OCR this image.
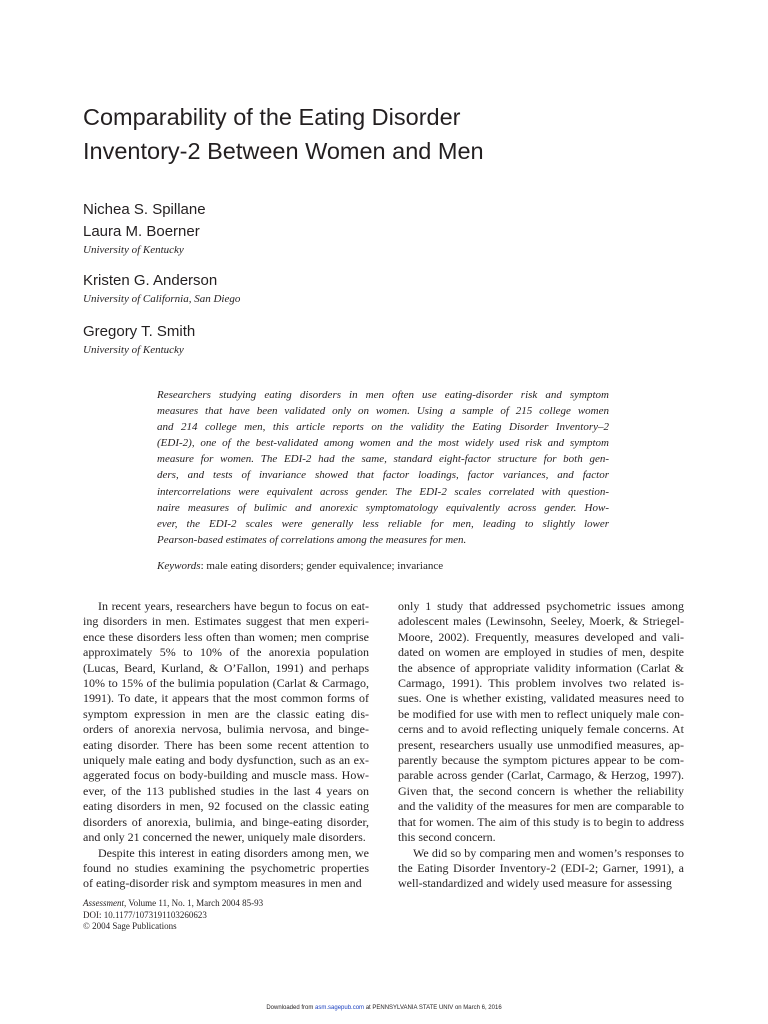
Comparability of the Eating Disorder
Inventory-2 Between Women and Men
Nichea S. Spillane
Laura M. Boerner
University of Kentucky
Kristen G. Anderson
University of California, San Diego
Gregory T. Smith
University of Kentucky
Researchers studying eating disorders in men often use eating-disorder risk and symptom
measures that have been validated only on women. Using a sample of 215 college women
and 214 college men, this article reports on the validity the Eating Disorder Inventory–2
(EDI-2), one of the best-validated among women and the most widely used risk and symptom
measure for women. The EDI-2 had the same, standard eight-factor structure for both gen-
ders, and tests of invariance showed that factor loadings, factor variances, and factor
intercorrelations were equivalent across gender. The EDI-2 scales correlated with question-
naire measures of bulimic and anorexic symptomatology equivalently across gender. How-
ever, the EDI-2 scales were generally less reliable for men, leading to slightly lower
Pearson-based estimates of correlations among the measures for men.
Keywords: male eating disorders; gender equivalence; invariance
In recent years, researchers have begun to focus on eat-
ing disorders in men. Estimates suggest that men experi-
ence these disorders less often than women; men comprise
approximately 5% to 10% of the anorexia population
(Lucas, Beard, Kurland, & O’Fallon, 1991) and perhaps
10% to 15% of the bulimia population (Carlat & Carmago,
1991). To date, it appears that the most common forms of
symptom expression in men are the classic eating dis-
orders of anorexia nervosa, bulimia nervosa, and binge-
eating disorder. There has been some recent attention to
uniquely male eating and body dysfunction, such as an ex-
aggerated focus on body-building and muscle mass. How-
ever, of the 113 published studies in the last 4 years on
eating disorders in men, 92 focused on the classic eating
disorders of anorexia, bulimia, and binge-eating disorder,
and only 21 concerned the newer, uniquely male disorders.
Despite this interest in eating disorders among men, we
found no studies examining the psychometric properties
of eating-disorder risk and symptom measures in men and
only 1 study that addressed psychometric issues among
adolescent males (Lewinsohn, Seeley, Moerk, & Striegel-
Moore, 2002). Frequently, measures developed and vali-
dated on women are employed in studies of men, despite
the absence of appropriate validity information (Carlat &
Carmago, 1991). This problem involves two related is-
sues. One is whether existing, validated measures need to
be modified for use with men to reflect uniquely male con-
cerns and to avoid reflecting uniquely female concerns. At
present, researchers usually use unmodified measures, ap-
parently because the symptom pictures appear to be com-
parable across gender (Carlat, Carmago, & Herzog, 1997).
Given that, the second concern is whether the reliability
and the validity of the measures for men are comparable to
that for women. The aim of this study is to begin to address
this second concern.
We did so by comparing men and women’s responses to
the Eating Disorder Inventory-2 (EDI-2; Garner, 1991), a
well-standardized and widely used measure for assessing
Assessment, Volume 11, No. 1, March 2004 85-93
DOI: 10.1177/1073191103260623
© 2004 Sage Publications
Downloaded from asm.sagepub.com at PENNSYLVANIA STATE UNIV on March 6, 2016
